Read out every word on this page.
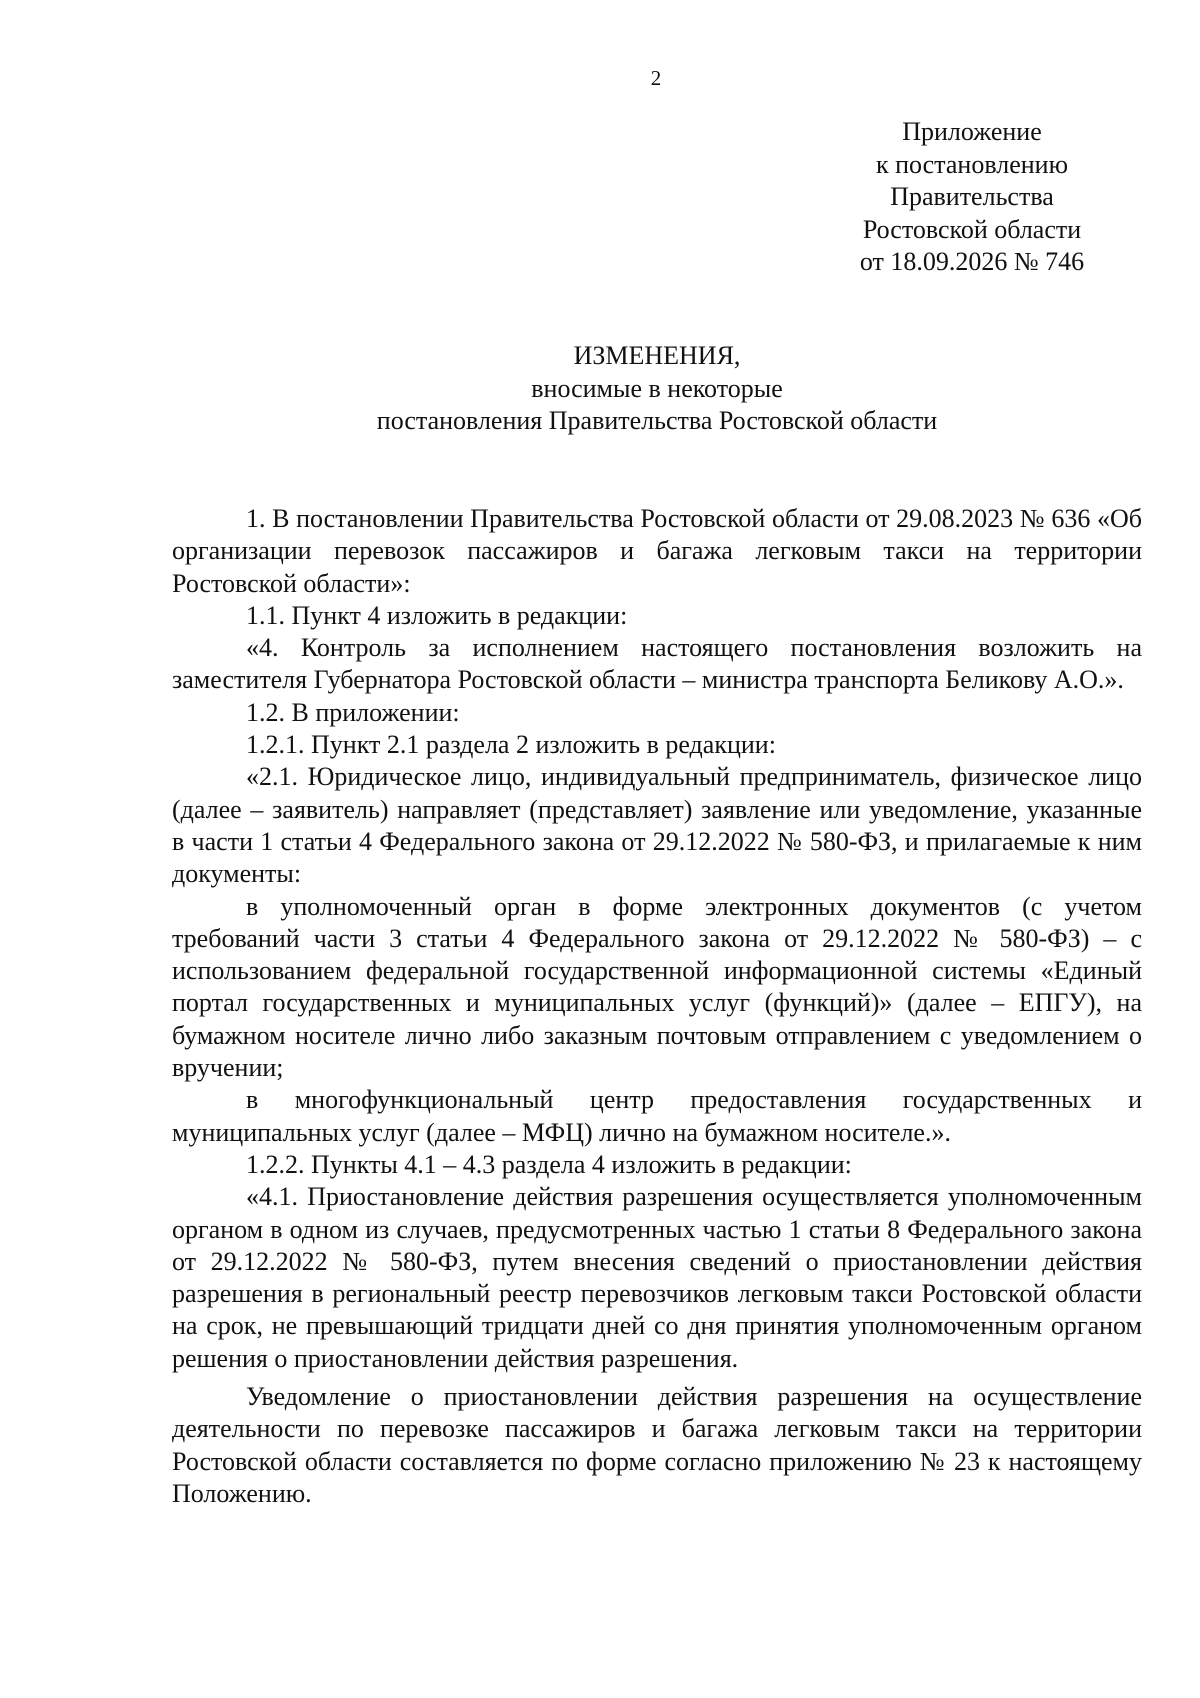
2
Приложение
к постановлению
Правительства
Ростовской области
от 18.09.2026 № 746
ИЗМЕНЕНИЯ,
вносимые в некоторые
постановления Правительства Ростовской области

1. В постановлении Правительства Ростовской области от 29.08.2023 № 636 «Об организации перевозок пассажиров и багажа легковым такси на территории Ростовской области»:

1.1. Пункт 4 изложить в редакции:

«4. Контроль за исполнением настоящего постановления возложить на заместителя Губернатора Ростовской области – министра транспорта Беликову А.О.».

1.2. В приложении:

1.2.1. Пункт 2.1 раздела 2 изложить в редакции:

«2.1. Юридическое лицо, индивидуальный предприниматель, физическое лицо (далее – заявитель) направляет (представляет) заявление или уведомление, указанные в части 1 статьи 4 Федерального закона от 29.12.2022 № 580-ФЗ, и прилагаемые к ним документы:

в уполномоченный орган в форме электронных документов (с учетом требований части 3 статьи 4 Федерального закона от 29.12.2022 № 580-ФЗ) – с использованием федеральной государственной информационной системы «Единый портал государственных и муниципальных услуг (функций)» (далее – ЕПГУ), на бумажном носителе лично либо заказным почтовым отправлением с уведомлением о вручении;

в многофункциональный центр предоставления государственных и муниципальных услуг (далее – МФЦ) лично на бумажном носителе.».

1.2.2. Пункты 4.1 – 4.3 раздела 4 изложить в редакции:

«4.1. Приостановление действия разрешения осуществляется уполномоченным органом в одном из случаев, предусмотренных частью 1 статьи 8 Федерального закона от 29.12.2022 № 580-ФЗ, путем внесения сведений о приостановлении действия разрешения в региональный реестр перевозчиков легковым такси Ростовской области на срок, не превышающий тридцати дней со дня принятия уполномоченным органом решения о приостановлении действия разрешения.

Уведомление о приостановлении действия разрешения на осуществление деятельности по перевозке пассажиров и багажа легковым такси на территории Ростовской области составляется по форме согласно приложению № 23 к настоящему Положению.
